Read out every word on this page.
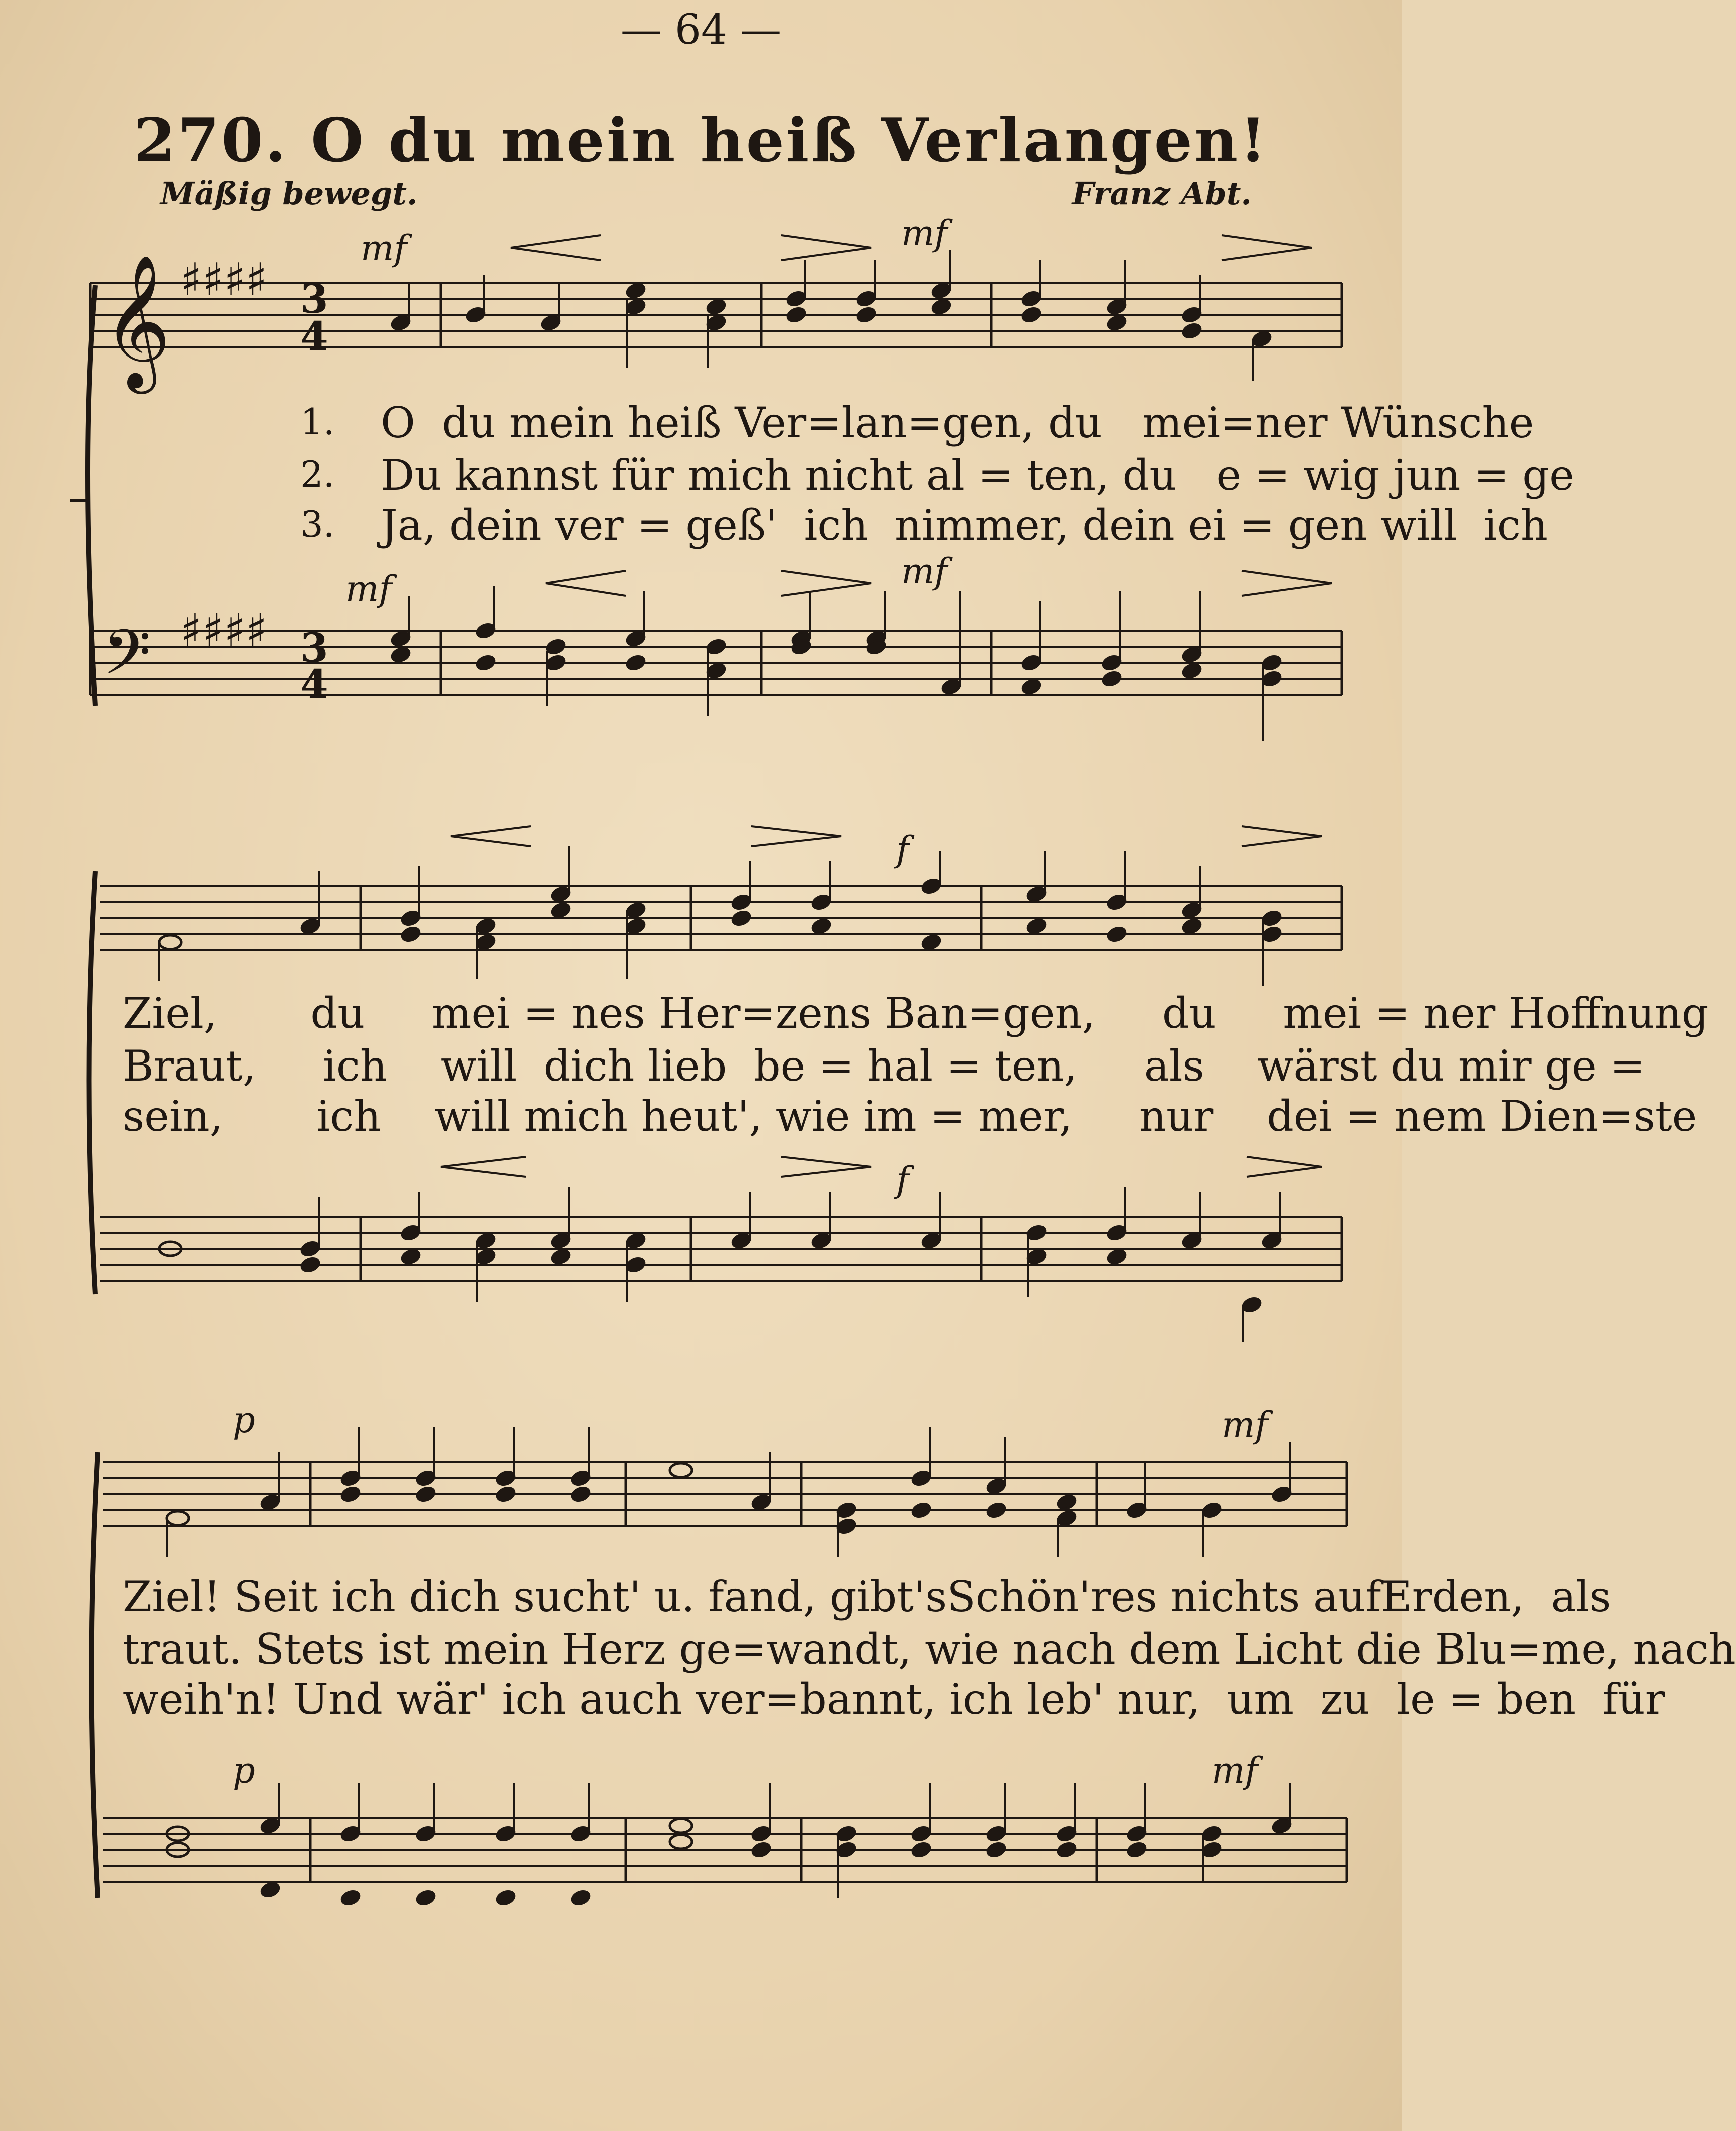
— 64 —
270. O du mein heiß Verlangen!
Mäßig bewegt.	Franz Abt.
1.
2.
3.
O  du mein heiß Ver=lan=gen, du   mei=ner Wünsche
Du kannst für mich nicht al = ten, du   e = wig jun = ge
Ja, dein ver = geß'  ich  nimmer, dein ei = gen will  ich
Ziel,       du     mei = nes Her=zens Ban=gen,     du     mei = ner Hoffnung
Braut,     ich    will  dich lieb  be = hal = ten,     als    wärst du mir ge =
sein,       ich    will mich heut', wie im = mer,     nur    dei = nem Dien=ste
Ziel! Seit ich dich sucht' u. fand, gibt'sSchön'res nichts aufErden,  als
traut. Stets ist mein Herz ge=wandt, wie nach dem Licht die Blu=me, nach
weih'n! Und wär' ich auch ver=bannt, ich leb' nur,  um  zu  le = ben  für
𝄞
𝄢
♯♯♯♯
♯♯♯♯
3
4
3
4
mf	mf
mf	mf
f
f
p	mf
p	mf
